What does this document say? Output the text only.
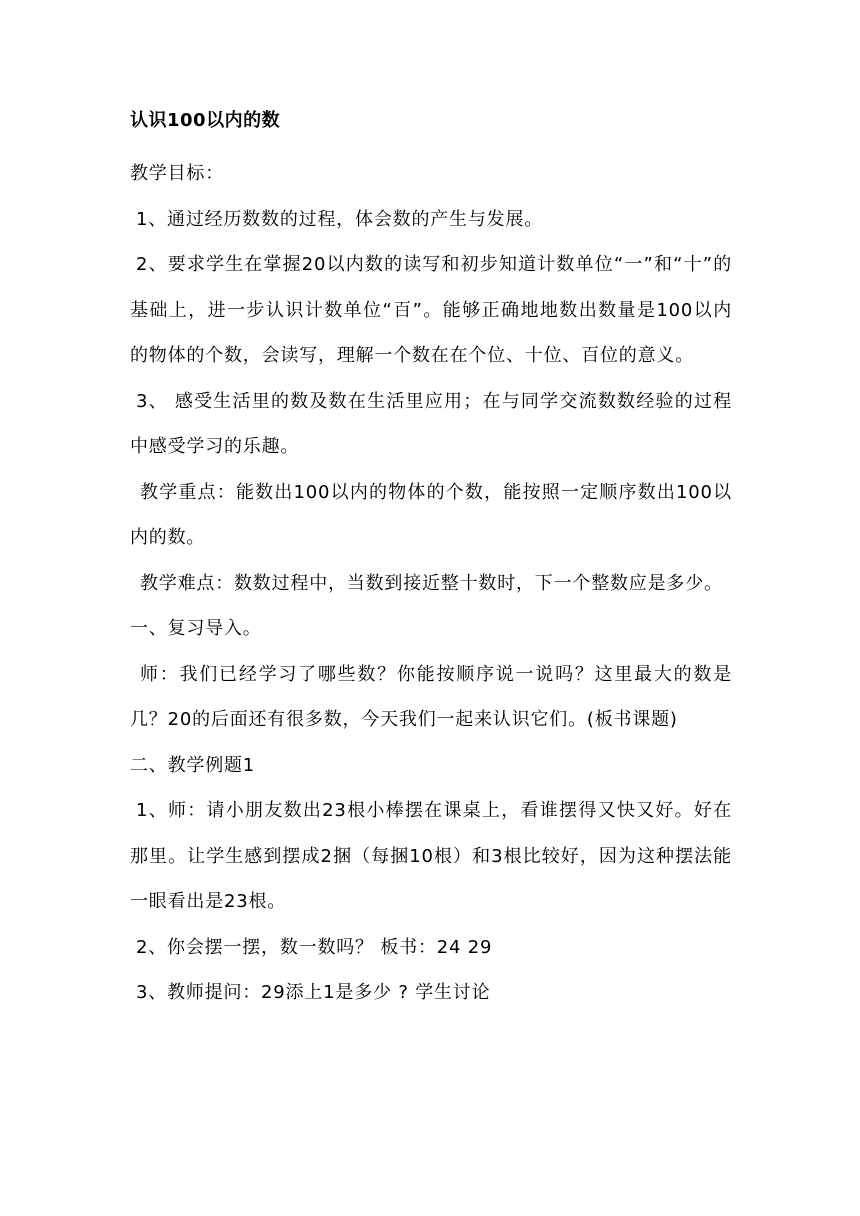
认识100以内的数

教学目标：

1、通过经历数数的过程，体会数的产生与发展。

2、要求学生在掌握20以内数的读写和初步知道计数单位“一”和“十”的基础上，进一步认识计数单位“百”。能够正确地地数出数量是100以内的物体的个数，会读写，理解一个数在在个位、十位、百位的意义。

3、 感受生活里的数及数在生活里应用；在与同学交流数数经验的过程中感受学习的乐趣。

教学重点：能数出100以内的物体的个数，能按照一定顺序数出100以内的数。

教学难点：数数过程中，当数到接近整十数时，下一个整数应是多少。

一、复习导入。

师：我们已经学习了哪些数？你能按顺序说一说吗？这里最大的数是几？20的后面还有很多数，今天我们一起来认识它们。(板书课题)

二、教学例题1

1、师：请小朋友数出23根小棒摆在课桌上，看谁摆得又快又好。好在那里。让学生感到摆成2捆（每捆10根）和3根比较好，因为这种摆法能一眼看出是23根。

2、你会摆一摆，数一数吗？ 板书：24 29

3、教师提问：29添上1是多少 ? 学生讨论
